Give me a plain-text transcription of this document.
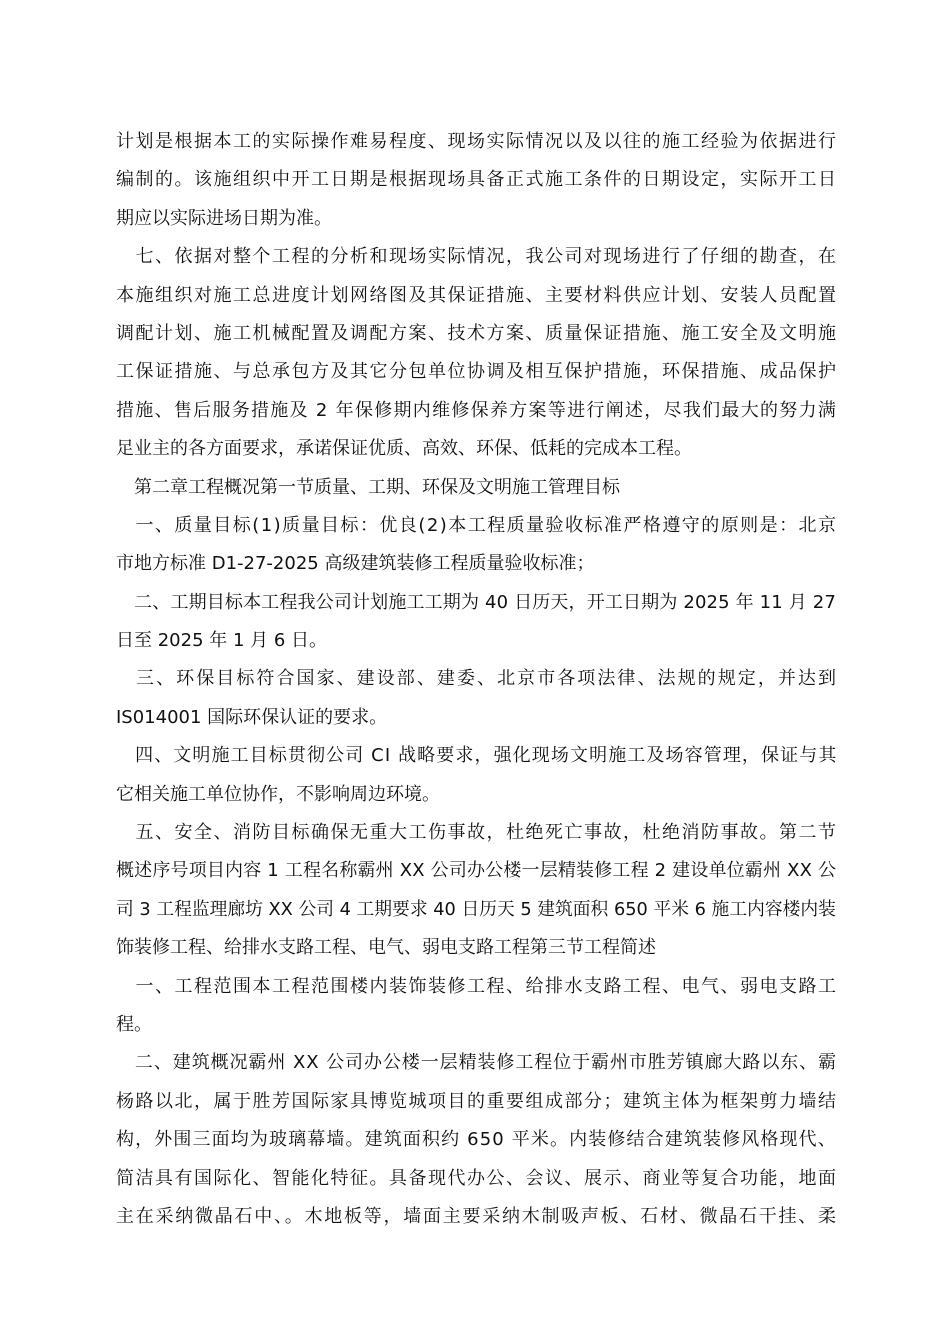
计划是根据本工的实际操作难易程度、现场实际情况以及以往的施工经验为依据进行
编制的。该施组织中开工日期是根据现场具备正式施工条件的日期设定，实际开工日
期应以实际进场日期为准。
　七、依据对整个工程的分析和现场实际情况，我公司对现场进行了仔细的勘查，在
本施组织对施工总进度计划网络图及其保证措施、主要材料供应计划、安装人员配置
调配计划、施工机械配置及调配方案、技术方案、质量保证措施、施工安全及文明施
工保证措施、与总承包方及其它分包单位协调及相互保护措施，环保措施、成品保护
措施、售后服务措施及 2 年保修期内维修保养方案等进行阐述，尽我们最大的努力满
足业主的各方面要求，承诺保证优质、高效、环保、低耗的完成本工程。
　第二章工程概况第一节质量、工期、环保及文明施工管理目标
　一、质量目标(1)质量目标：优良(2)本工程质量验收标准严格遵守的原则是：北京
市地方标准 D1-27-2025 高级建筑装修工程质量验收标准；
　二、工期目标本工程我公司计划施工工期为 40 日历天，开工日期为 2025 年 11 月 27
日至 2025 年 1 月 6 日。
　三、环保目标符合国家、建设部、建委、北京市各项法律、法规的规定，并达到
IS014001 国际环保认证的要求。
　四、文明施工目标贯彻公司 CI 战略要求，强化现场文明施工及场容管理，保证与其
它相关施工单位协作，不影响周边环境。
　五、安全、消防目标确保无重大工伤事故，杜绝死亡事故，杜绝消防事故。第二节
概述序号项目内容 1 工程名称霸州 XX 公司办公楼一层精装修工程 2 建设单位霸州 XX 公
司 3 工程监理廊坊 XX 公司 4 工期要求 40 日历天 5 建筑面积 650 平米 6 施工内容楼内装
饰装修工程、给排水支路工程、电气、弱电支路工程第三节工程简述
　一、工程范围本工程范围楼内装饰装修工程、给排水支路工程、电气、弱电支路工
程。
　二、建筑概况霸州 XX 公司办公楼一层精装修工程位于霸州市胜芳镇廊大路以东、霸
杨路以北，属于胜芳国际家具博览城项目的重要组成部分；建筑主体为框架剪力墙结
构，外围三面均为玻璃幕墙。建筑面积约 650 平米。内装修结合建筑装修风格现代、
简洁具有国际化、智能化特征。具备现代办公、会议、展示、商业等复合功能，地面
主在采纳微晶石中、。木地板等，墙面主要采纳木制吸声板、石材、微晶石干挂、柔
